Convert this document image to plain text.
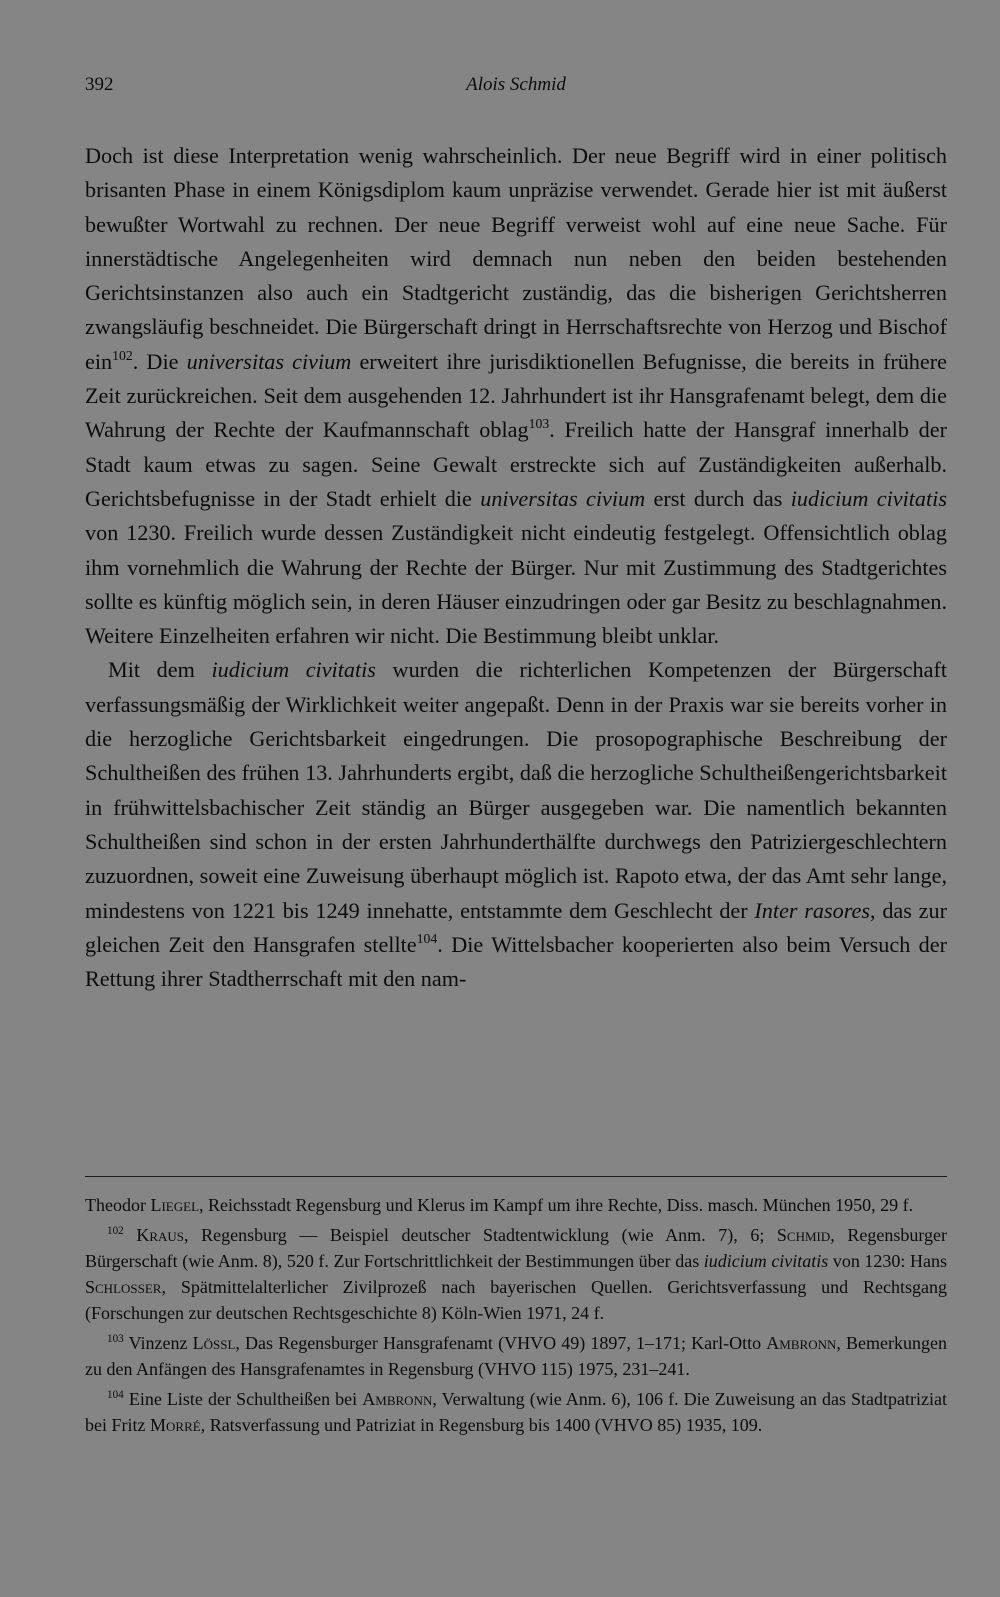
392	Alois Schmid

Doch ist diese Interpretation wenig wahrscheinlich. Der neue Begriff wird in einer politisch brisanten Phase in einem Königsdiplom kaum unpräzise verwendet. Gerade hier ist mit äußerst bewußter Wortwahl zu rechnen. Der neue Begriff verweist wohl auf eine neue Sache. Für innerstädtische Angelegenheiten wird demnach nun neben den beiden bestehenden Gerichtsinstanzen also auch ein Stadtgericht zuständig, das die bisherigen Gerichtsherren zwangsläufig beschneidet. Die Bürgerschaft dringt in Herrschaftsrechte von Herzog und Bischof ein$^{102}$. Die universitas civium erweitert ihre jurisdiktionellen Befugnisse, die bereits in frühere Zeit zurückreichen. Seit dem ausgehenden 12. Jahrhundert ist ihr Hansgrafenamt belegt, dem die Wahrung der Rechte der Kaufmannschaft oblag$^{103}$. Freilich hatte der Hansgraf innerhalb der Stadt kaum etwas zu sagen. Seine Gewalt erstreckte sich auf Zuständigkeiten außerhalb. Gerichtsbefugnisse in der Stadt erhielt die universitas civium erst durch das iudicium civitatis von 1230. Freilich wurde dessen Zuständigkeit nicht eindeutig festgelegt. Offensichtlich oblag ihm vornehmlich die Wahrung der Rechte der Bürger. Nur mit Zustimmung des Stadtgerichtes sollte es künftig möglich sein, in deren Häuser einzudringen oder gar Besitz zu beschlagnahmen. Weitere Einzelheiten erfahren wir nicht. Die Bestimmung bleibt unklar.

Mit dem iudicium civitatis wurden die richterlichen Kompetenzen der Bürgerschaft verfassungsmäßig der Wirklichkeit weiter angepaßt. Denn in der Praxis war sie bereits vorher in die herzogliche Gerichtsbarkeit eingedrungen. Die prosopographische Beschreibung der Schultheißen des frühen 13. Jahrhunderts ergibt, daß die herzogliche Schultheißengerichtsbarkeit in frühwittelsbachischer Zeit ständig an Bürger ausgegeben war. Die namentlich bekannten Schultheißen sind schon in der ersten Jahrhunderthälfte durchwegs den Patriziergeschlechtern zuzuordnen, soweit eine Zuweisung überhaupt möglich ist. Rapoto etwa, der das Amt sehr lange, mindestens von 1221 bis 1249 innehatte, entstammte dem Geschlecht der Inter rasores, das zur gleichen Zeit den Hansgrafen stellte$^{104}$. Die Wittelsbacher kooperierten also beim Versuch der Rettung ihrer Stadtherrschaft mit den nam-

Theodor Liegel, Reichsstadt Regensburg und Klerus im Kampf um ihre Rechte, Diss. masch. München 1950, 29 f.

$^{102}$ Kraus, Regensburg — Beispiel deutscher Stadtentwicklung (wie Anm. 7), 6; Schmid, Regensburger Bürgerschaft (wie Anm. 8), 520 f. Zur Fortschrittlichkeit der Bestimmungen über das iudicium civitatis von 1230: Hans Schlosser, Spätmittelalterlicher Zivilprozeß nach bayerischen Quellen. Gerichtsverfassung und Rechtsgang (Forschungen zur deutschen Rechtsgeschichte 8) Köln-Wien 1971, 24 f.

$^{103}$ Vinzenz Lössl, Das Regensburger Hansgrafenamt (VHVO 49) 1897, 1–171; Karl-Otto Ambronn, Bemerkungen zu den Anfängen des Hansgrafenamtes in Regensburg (VHVO 115) 1975, 231–241.

$^{104}$ Eine Liste der Schultheißen bei Ambronn, Verwaltung (wie Anm. 6), 106 f. Die Zuweisung an das Stadtpatriziat bei Fritz Morré, Ratsverfassung und Patriziat in Regensburg bis 1400 (VHVO 85) 1935, 109.
